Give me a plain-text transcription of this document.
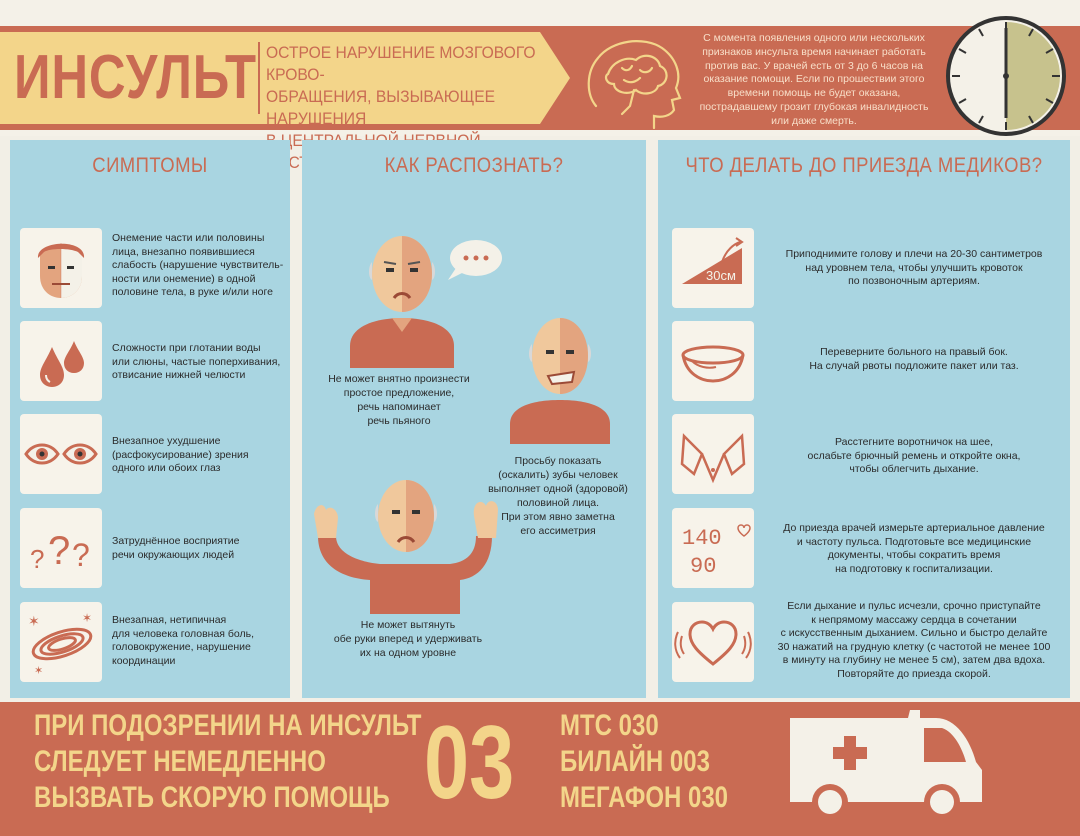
ИНСУЛЬТ ОСТРОЕ НАРУШЕНИЕ МОЗГОВОГО КРОВО-
ОБРАЩЕНИЯ, ВЫЗЫВАЮЩЕЕ НАРУШЕНИЯ
С момента появления одного или нескольких
признаков инсульта время начинает работать
против вас. У врачей есть от 3 до 6 часов на
оказание помощи. Если по прошествии этого
времени помощь не будет оказана,
пострадавшему грозит глубокая инвалидность
или даже смерть.
СИМПТОМЫ
Онемение части или половины
лица, внезапно появившиеся
слабость (нарушение чувствитель-
ности или онемение) в одной
половине тела, в руке и/или ноге
Сложности при глотании воды
или слюны, частые поперхивания,
отвисание нижней челюсти
Внезапное ухудшение
(расфокусирование) зрения
одного или обоих глаз
? ? ? Затруднённое восприятие
речи окружающих людей
✶	✶
✶
Внезапная, нетипичная
для человека головная боль,
головокружение, нарушение
координации
КАК РАСПОЗНАТЬ?
Не может внятно произнести
простое предложение,
речь напоминает
речь пьяного
Просьбу показать
(оскалить) зубы человек
выполняет одной (здоровой)
половиной лица.
При этом явно заметна
его ассиметрия
Не может вытянуть
обе руки вперед и удерживать
их на одном уровне
ЧТО ДЕЛАТЬ ДО ПРИЕЗДА МЕДИКОВ?
30см
Приподнимите голову и плечи на 20-30 сантиметров
над уровнем тела, чтобы улучшить кровоток
по позвоночным артериям.
Переверните больного на правый бок.
На случай рвоты подложите пакет или таз.
Расстегните воротничок на шее,
ослабьте брючный ремень и откройте окна,
чтобы облегчить дыхание.
140
90
До приезда врачей измерьте артериальное давление
и частоту пульса. Подготовьте все медицинские
документы, чтобы сократить время
на подготовку к госпитализации.
Если дыхание и пульс исчезли, срочно приступайте
к непрямому массажу сердца в сочетании
с искусственным дыханием. Сильно и быстро делайте
30 нажатий на грудную клетку (с частотой не менее 100
в минуту на глубину не менее 5 см), затем два вдоха.
Повторяйте до приезда скорой.
ПРИ ПОДОЗРЕНИИ НА ИНСУЛЬТ
СЛЕДУЕТ НЕМЕДЛЕННО
ВЫЗВАТЬ СКОРУЮ ПОМОЩЬ 03 МТС 030
БИЛАЙН 003
МЕГАФОН 030
